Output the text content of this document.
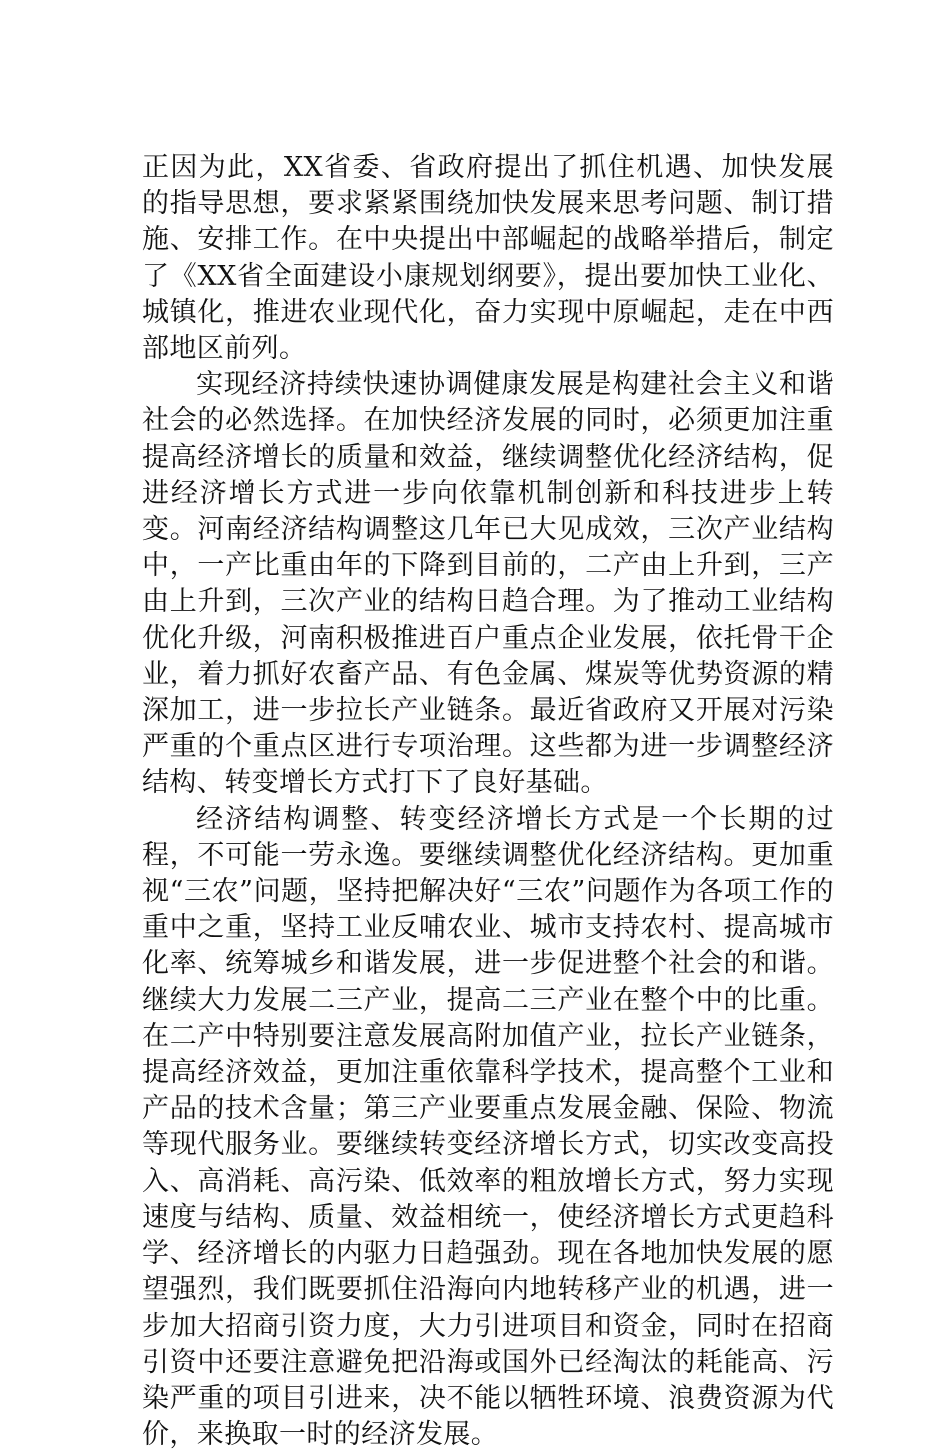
正因为此，XX省委、省政府提出了抓住机遇、加快发展的指导思想，要求紧紧围绕加快发展来思考问题、制订措施、安排工作。在中央提出中部崛起的战略举措后，制定了《XX省全面建设小康规划纲要》，提出要加快工业化、城镇化，推进农业现代化，奋力实现中原崛起，走在中西部地区前列。

实现经济持续快速协调健康发展是构建社会主义和谐社会的必然选择。在加快经济发展的同时，必须更加注重提高经济增长的质量和效益，继续调整优化经济结构，促进经济增长方式进一步向依靠机制创新和科技进步上转变。河南经济结构调整这几年已大见成效，三次产业结构中，一产比重由年的下降到目前的，二产由上升到，三产由上升到，三次产业的结构日趋合理。为了推动工业结构优化升级，河南积极推进百户重点企业发展，依托骨干企业，着力抓好农畜产品、有色金属、煤炭等优势资源的精深加工，进一步拉长产业链条。最近省政府又开展对污染严重的个重点区进行专项治理。这些都为进一步调整经济结构、转变增长方式打下了良好基础。

经济结构调整、转变经济增长方式是一个长期的过程，不可能一劳永逸。要继续调整优化经济结构。更加重视“三农”问题，坚持把解决好“三农”问题作为各项工作的重中之重，坚持工业反哺农业、城市支持农村、提高城市化率、统筹城乡和谐发展，进一步促进整个社会的和谐。继续大力发展二三产业，提高二三产业在整个中的比重。在二产中特别要注意发展高附加值产业，拉长产业链条，提高经济效益，更加注重依靠科学技术，提高整个工业和产品的技术含量；第三产业要重点发展金融、保险、物流等现代服务业。要继续转变经济增长方式，切实改变高投入、高消耗、高污染、低效率的粗放增长方式，努力实现速度与结构、质量、效益相统一，使经济增长方式更趋科学、经济增长的内驱力日趋强劲。现在各地加快发展的愿望强烈，我们既要抓住沿海向内地转移产业的机遇，进一步加大招商引资力度，大力引进项目和资金，同时在招商引资中还要注意避免把沿海或国外已经淘汰的耗能高、污染严重的项目引进来，决不能以牺牲环境、浪费资源为代价，来换取一时的经济发展。
